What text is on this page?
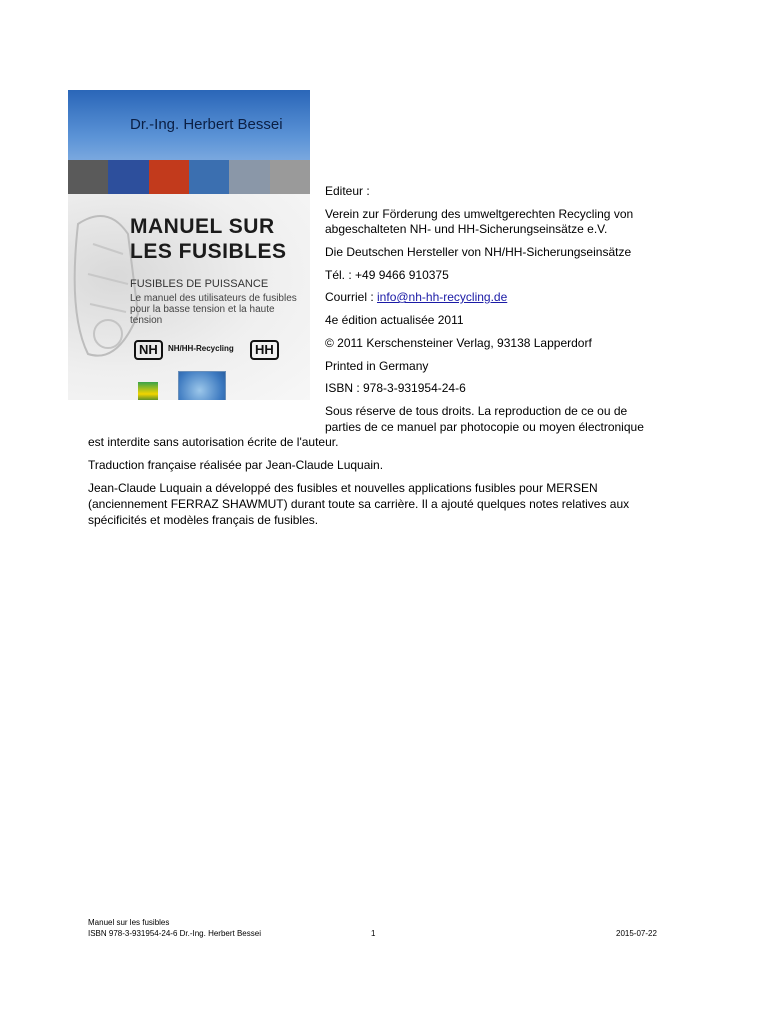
Dr.-Ing. Herbert Bessei
MANUEL SUR
LES FUSIBLES
FUSIBLES DE PUISSANCE
Le manuel des utilisateurs de fusibles pour la basse tension et la haute tension
NH	NH/HH-Recycling	HH
Editeur :
Verein zur Förderung des umweltgerechten Recycling von
abgeschalteten NH- und HH-Sicherungseinsätze e.V.
Die Deutschen Hersteller von NH/HH-Sicherungseinsätze
Tél. : +49 9466 910375
Courriel : info@nh-hh-recycling.de
4e édition actualisée 2011
© 2011 Kerschensteiner Verlag, 93138 Lapperdorf
Printed in Germany
ISBN : 978-3-931954-24-6
Sous réserve de tous droits. La reproduction de ce ou de
parties de ce manuel par photocopie ou moyen électronique
est interdite sans autorisation écrite de l'auteur.
Traduction française réalisée par Jean-Claude Luquain.
Jean-Claude Luquain a développé des fusibles et nouvelles applications fusibles pour MERSEN
(anciennement FERRAZ SHAWMUT) durant toute sa carrière. Il a ajouté quelques notes relatives aux
spécificités et modèles français de fusibles.
Manuel sur les fusibles
ISBN 978-3-931954-24-6 Dr.-Ing. Herbert Bessei	1	2015-07-22
